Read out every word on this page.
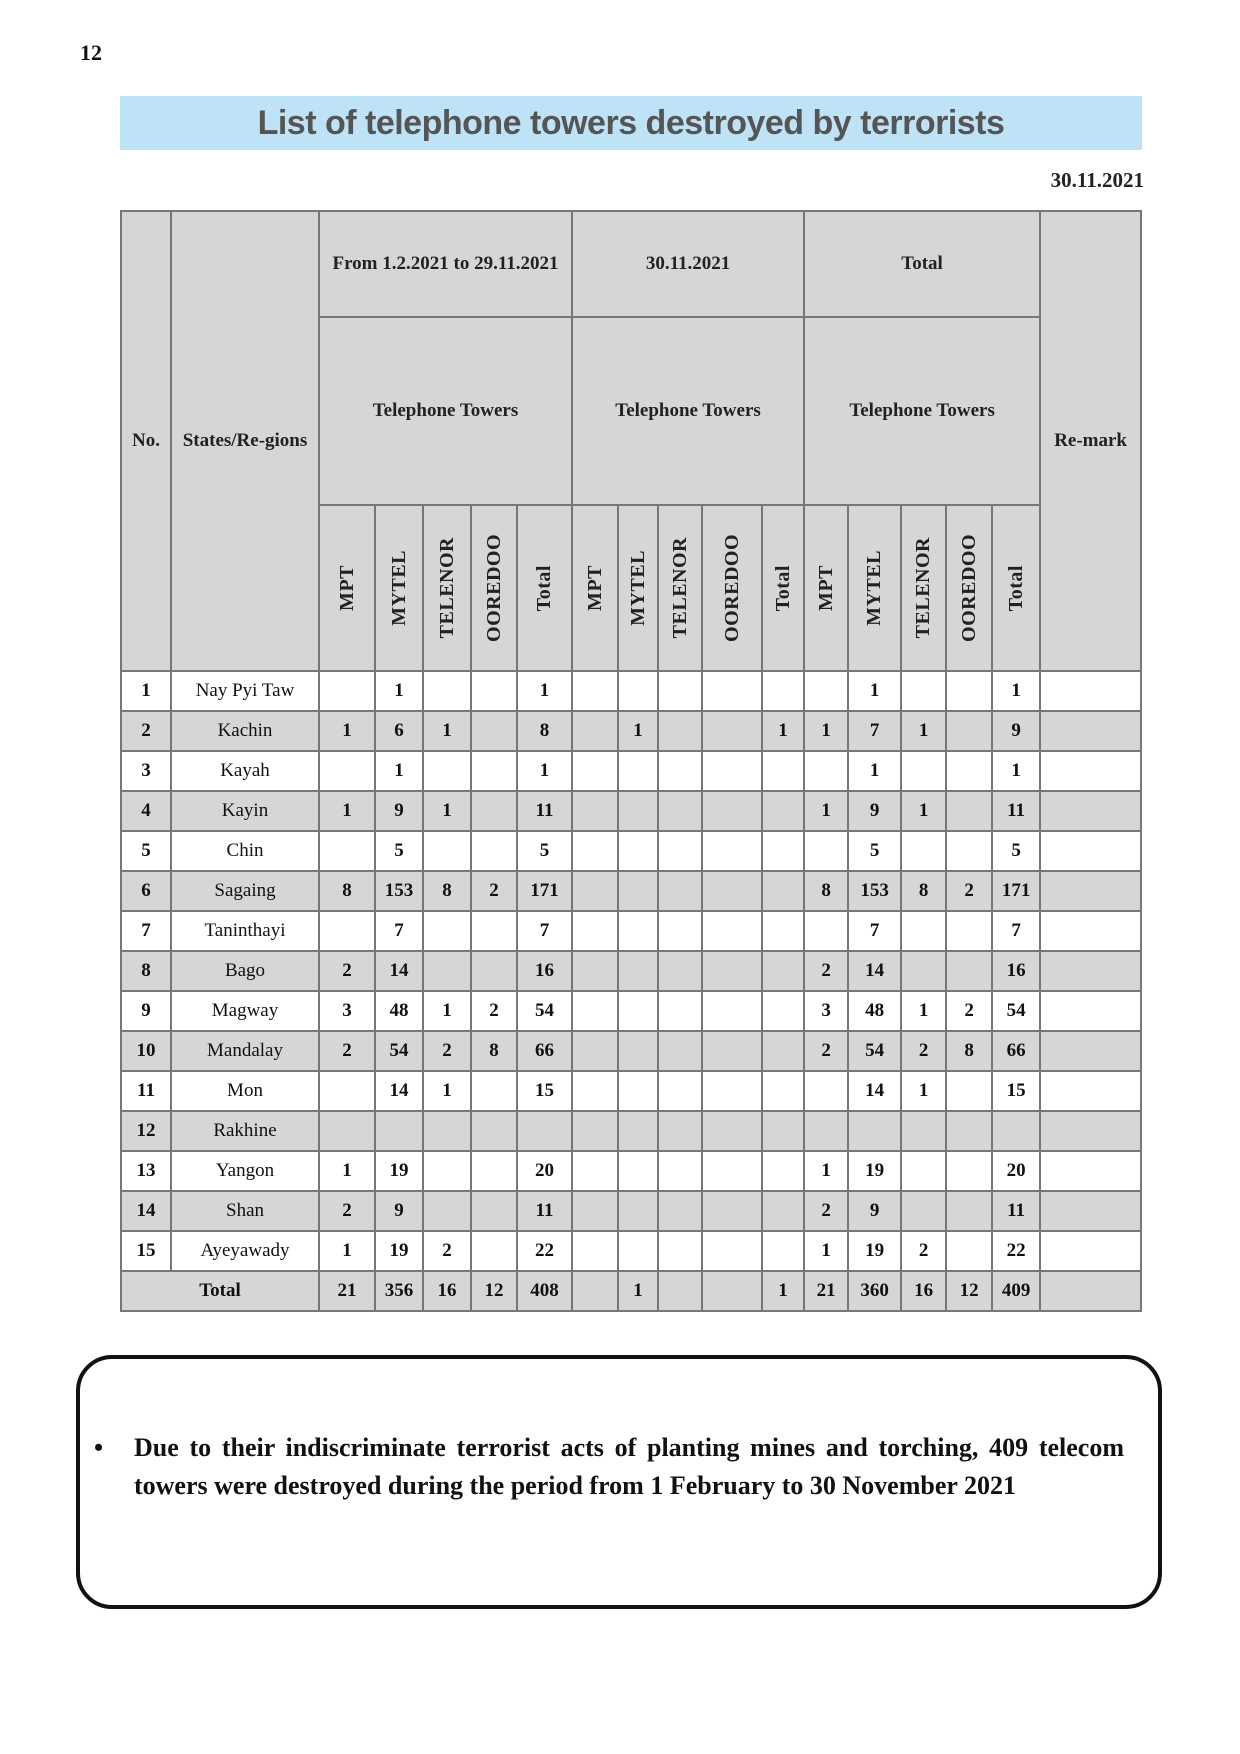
12
List of telephone towers destroyed by terrorists
30.11.2021
No.	States/Re-gions	From 1.2.2021 to 29.11.2021					30.11.2021					Total					Re-mark
		Telephone Towers					Telephone Towers					Telephone Towers					
		MPT	MYTEL	TELENOR	OOREDOO	Total	MPT	MYTEL	TELENOR	OOREDOO	Total	MPT	MYTEL	TELENOR	OOREDOO	Total	
1	Nay Pyi Taw		1			1							1			1	
2	Kachin	1	6	1		8		1			1	1	7	1		9	
3	Kayah		1			1							1			1	
4	Kayin	1	9	1		11						1	9	1		11	
5	Chin		5			5							5			5	
6	Sagaing	8	153	8	2	171						8	153	8	2	171	
7	Taninthayi		7			7							7			7	
8	Bago	2	14			16						2	14			16	
9	Magway	3	48	1	2	54						3	48	1	2	54	
10	Mandalay	2	54	2	8	66						2	54	2	8	66	
11	Mon		14	1		15							14	1		15	
12	Rakhine																
13	Yangon	1	19			20						1	19			20	
14	Shan	2	9			11						2	9			11	
15	Ayeyawady	1	19	2		22						1	19	2		22	
Total		21	356	16	12	408		1			1	21	360	16	12	409	
• Due to their indiscriminate terrorist acts of planting mines and torching, 409 telecom towers were destroyed during the period from 1 February to 30 November 2021
